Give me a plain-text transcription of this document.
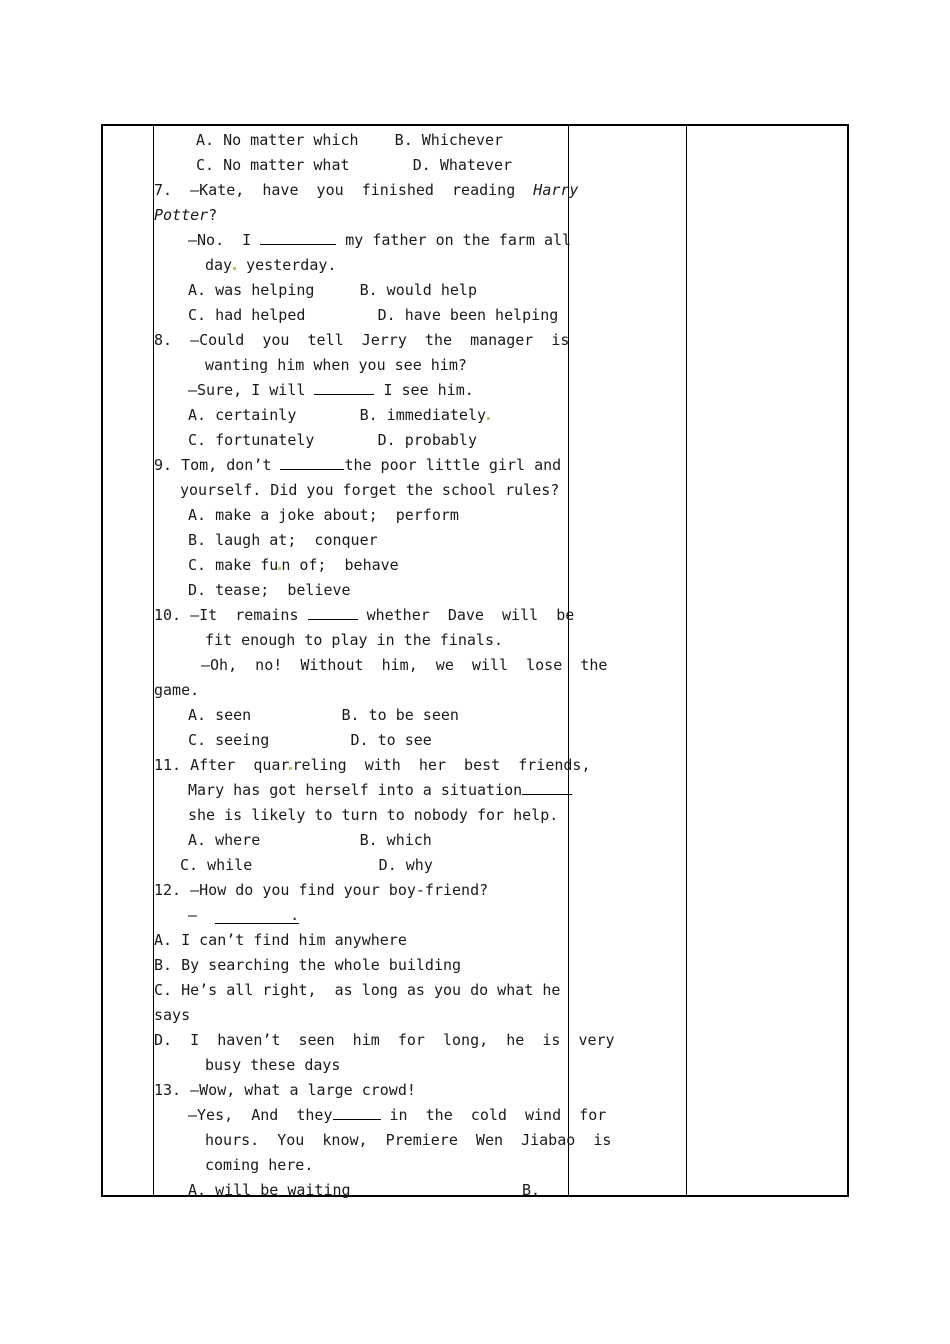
A. No matter which    B. Whichever
C. No matter what       D. Whatever
7.  —Kate,  have  you  finished  reading Harry
Potter?
—No.  I	my father on the farm all
day yesterday.
A. was helping     B. would help
C. had helped        D. have been helping
8.  —Could  you  tell  Jerry  the  manager  is
wanting him when you see him?
—Sure, I will	I see him.
A. certainly       B. immediately
C. fortunately       D. probably
9. Tom, don’t	the poor little girl and
yourself. Did you forget the school rules?
A. make a joke about;  perform
B. laugh at;  conquer
C. make fu n of;  behave
D. tease;  believe
10. —It  remains	whether  Dave  will  be
fit enough to play in the finals.
—Oh,  no!  Without  him,  we  will  lose  the
game.
A. seen          B. to be seen
C. seeing         D. to see
11. After  quar reling  with  her  best  friends,
Mary has got herself into a situation
she is likely to turn to nobody for help.
A. where           B. which
C. while              D. why
12. —How do you find your boy-friend?
—	.
A. I can’t find him anywhere
B. By searching the whole building
C. He’s all right,  as long as you do what he
says
D.  I  haven’t  seen  him  for  long,  he  is  very
busy these days
13. —Wow, what a large crowd!
—Yes,  And  they	in  the  cold  wind  for
hours.  You  know,  Premiere  Wen  Jiabao  is
coming here.
A. will be waiting	B.
